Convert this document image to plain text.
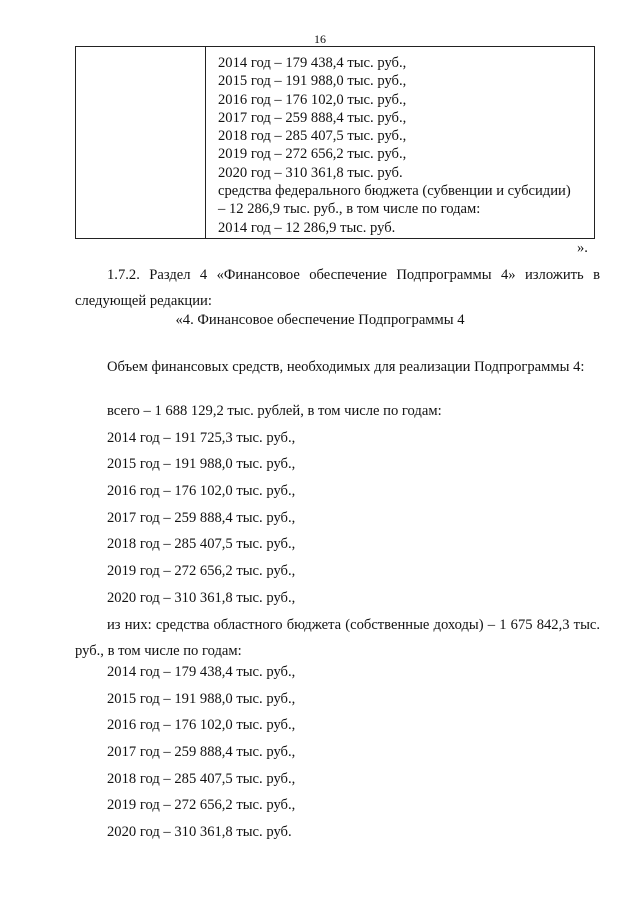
16
2014 год – 179 438,4 тыс. руб.,
2015 год – 191 988,0 тыс. руб.,
2016 год – 176 102,0 тыс. руб.,
2017 год – 259 888,4 тыс. руб.,
2018 год – 285 407,5 тыс. руб.,
2019 год – 272 656,2 тыс. руб.,
2020 год – 310 361,8 тыс. руб.
средства федерального бюджета (субвенции и субсидии)
– 12 286,9 тыс. руб., в том числе по годам:
2014 год – 12 286,9 тыс. руб.
».
1.7.2. Раздел 4 «Финансовое обеспечение Подпрограммы 4» изложить в следующей редакции:
«4. Финансовое обеспечение Подпрограммы 4
Объем финансовых средств, необходимых для реализации Подпрограммы 4:
всего – 1 688 129,2 тыс. рублей, в том числе по годам:
2014 год – 191 725,3 тыс. руб.,
2015 год – 191 988,0 тыс. руб.,
2016 год – 176 102,0 тыс. руб.,
2017 год – 259 888,4 тыс. руб.,
2018 год – 285 407,5 тыс. руб.,
2019 год – 272 656,2 тыс. руб.,
2020 год – 310 361,8 тыс. руб.,
из них: средства областного бюджета (собственные доходы) – 1 675 842,3 тыс. руб., в том числе по годам:
2014 год – 179 438,4 тыс. руб.,
2015 год – 191 988,0 тыс. руб.,
2016 год – 176 102,0 тыс. руб.,
2017 год – 259 888,4 тыс. руб.,
2018 год – 285 407,5 тыс. руб.,
2019 год – 272 656,2 тыс. руб.,
2020 год – 310 361,8 тыс. руб.
